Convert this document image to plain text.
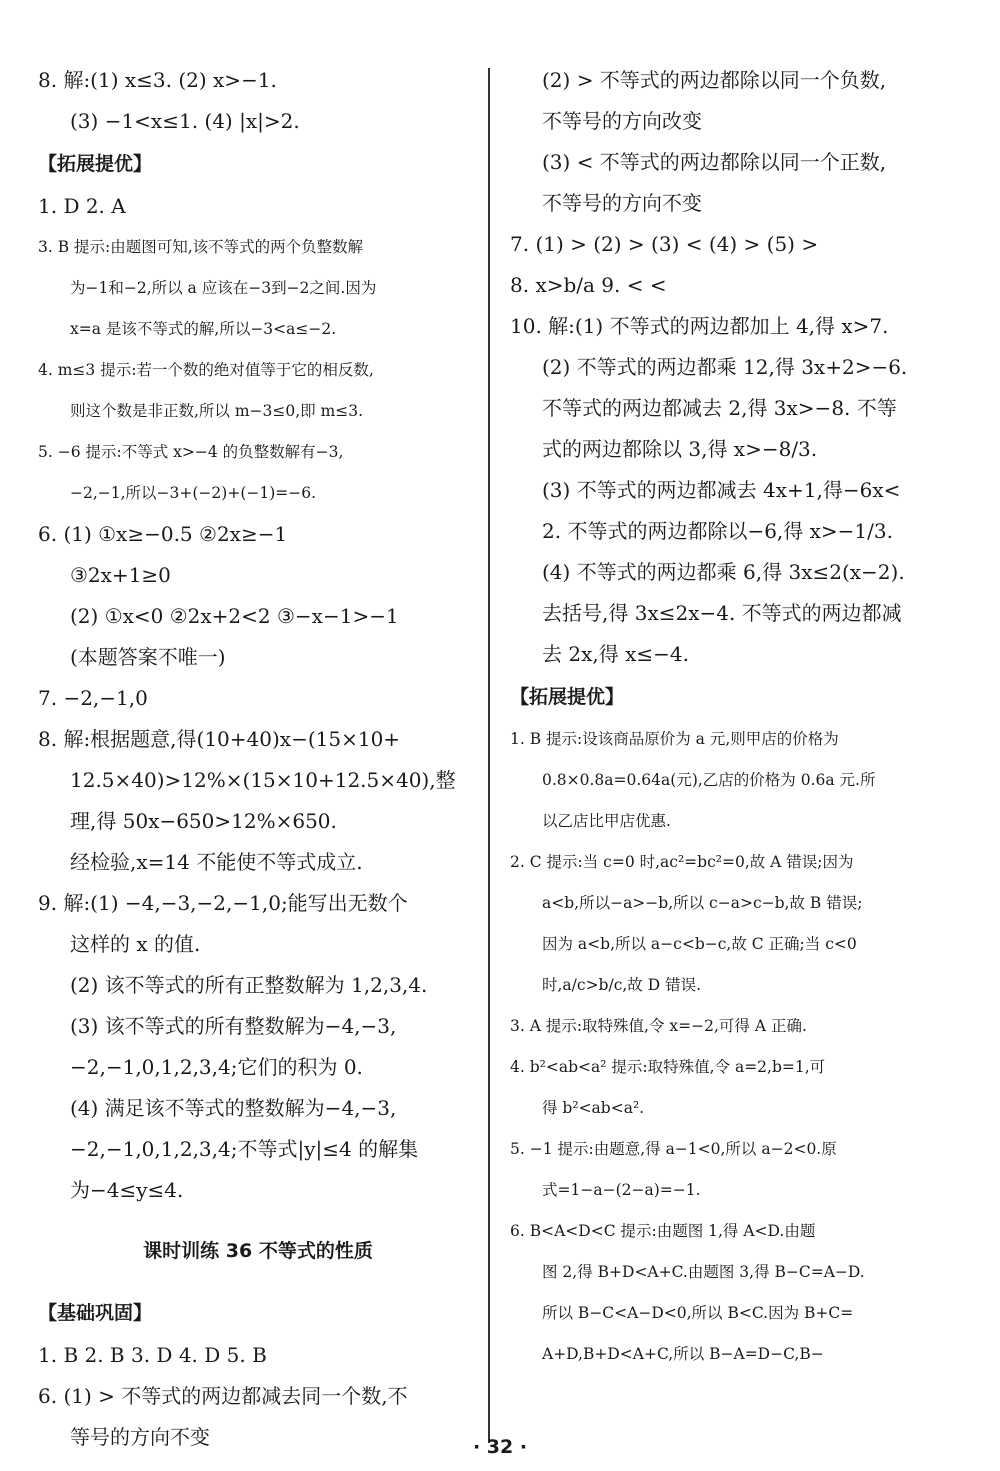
8. 解:(1) x≤3. (2) x>−1.
(3) −1<x≤1. (4) |x|>2.
【拓展提优】
1. D 2. A
3. B 提示:由题图可知,该不等式的两个负整数解
为−1和−2,所以 a 应该在−3到−2之间.因为
x=a 是该不等式的解,所以−3<a≤−2.
4. m≤3 提示:若一个数的绝对值等于它的相反数,
则这个数是非正数,所以 m−3≤0,即 m≤3.
5. −6 提示:不等式 x>−4 的负整数解有−3,
−2,−1,所以−3+(−2)+(−1)=−6.
6. (1) ①x≥−0.5 ②2x≥−1
③2x+1≥0
(2) ①x<0 ②2x+2<2 ③−x−1>−1
(本题答案不唯一)
7. −2,−1,0
8. 解:根据题意,得(10+40)x−(15×10+
12.5×40)>12%×(15×10+12.5×40),整
理,得 50x−650>12%×650.
经检验,x=14 不能使不等式成立.
9. 解:(1) −4,−3,−2,−1,0;能写出无数个
这样的 x 的值.
(2) 该不等式的所有正整数解为 1,2,3,4.
(3) 该不等式的所有整数解为−4,−3,
−2,−1,0,1,2,3,4;它们的积为 0.
(4) 满足该不等式的整数解为−4,−3,
−2,−1,0,1,2,3,4;不等式|y|≤4 的解集
为−4≤y≤4.
课时训练 36 不等式的性质
【基础巩固】
1. B 2. B 3. D 4. D 5. B
6. (1) > 不等式的两边都减去同一个数,不
等号的方向不变
(2) > 不等式的两边都除以同一个负数,
不等号的方向改变
(3) < 不等式的两边都除以同一个正数,
不等号的方向不变
7. (1) > (2) > (3) < (4) > (5) >
8. x>b/a 9. < <
10. 解:(1) 不等式的两边都加上 4,得 x>7.
(2) 不等式的两边都乘 12,得 3x+2>−6.
不等式的两边都减去 2,得 3x>−8. 不等
式的两边都除以 3,得 x>−8/3.
(3) 不等式的两边都减去 4x+1,得−6x<
2. 不等式的两边都除以−6,得 x>−1/3.
(4) 不等式的两边都乘 6,得 3x≤2(x−2).
去括号,得 3x≤2x−4. 不等式的两边都减
去 2x,得 x≤−4.
【拓展提优】
1. B 提示:设该商品原价为 a 元,则甲店的价格为
0.8×0.8a=0.64a(元),乙店的价格为 0.6a 元.所
以乙店比甲店优惠.
2. C 提示:当 c=0 时,ac²=bc²=0,故 A 错误;因为
a<b,所以−a>−b,所以 c−a>c−b,故 B 错误;
因为 a<b,所以 a−c<b−c,故 C 正确;当 c<0
时,a/c>b/c,故 D 错误.
3. A 提示:取特殊值,令 x=−2,可得 A 正确.
4. b²<ab<a² 提示:取特殊值,令 a=2,b=1,可
得 b²<ab<a².
5. −1 提示:由题意,得 a−1<0,所以 a−2<0.原
式=1−a−(2−a)=−1.
6. B<A<D<C 提示:由题图 1,得 A<D.由题
图 2,得 B+D<A+C.由题图 3,得 B−C=A−D.
所以 B−C<A−D<0,所以 B<C.因为 B+C=
A+D,B+D<A+C,所以 B−A=D−C,B−
· 32 ·
